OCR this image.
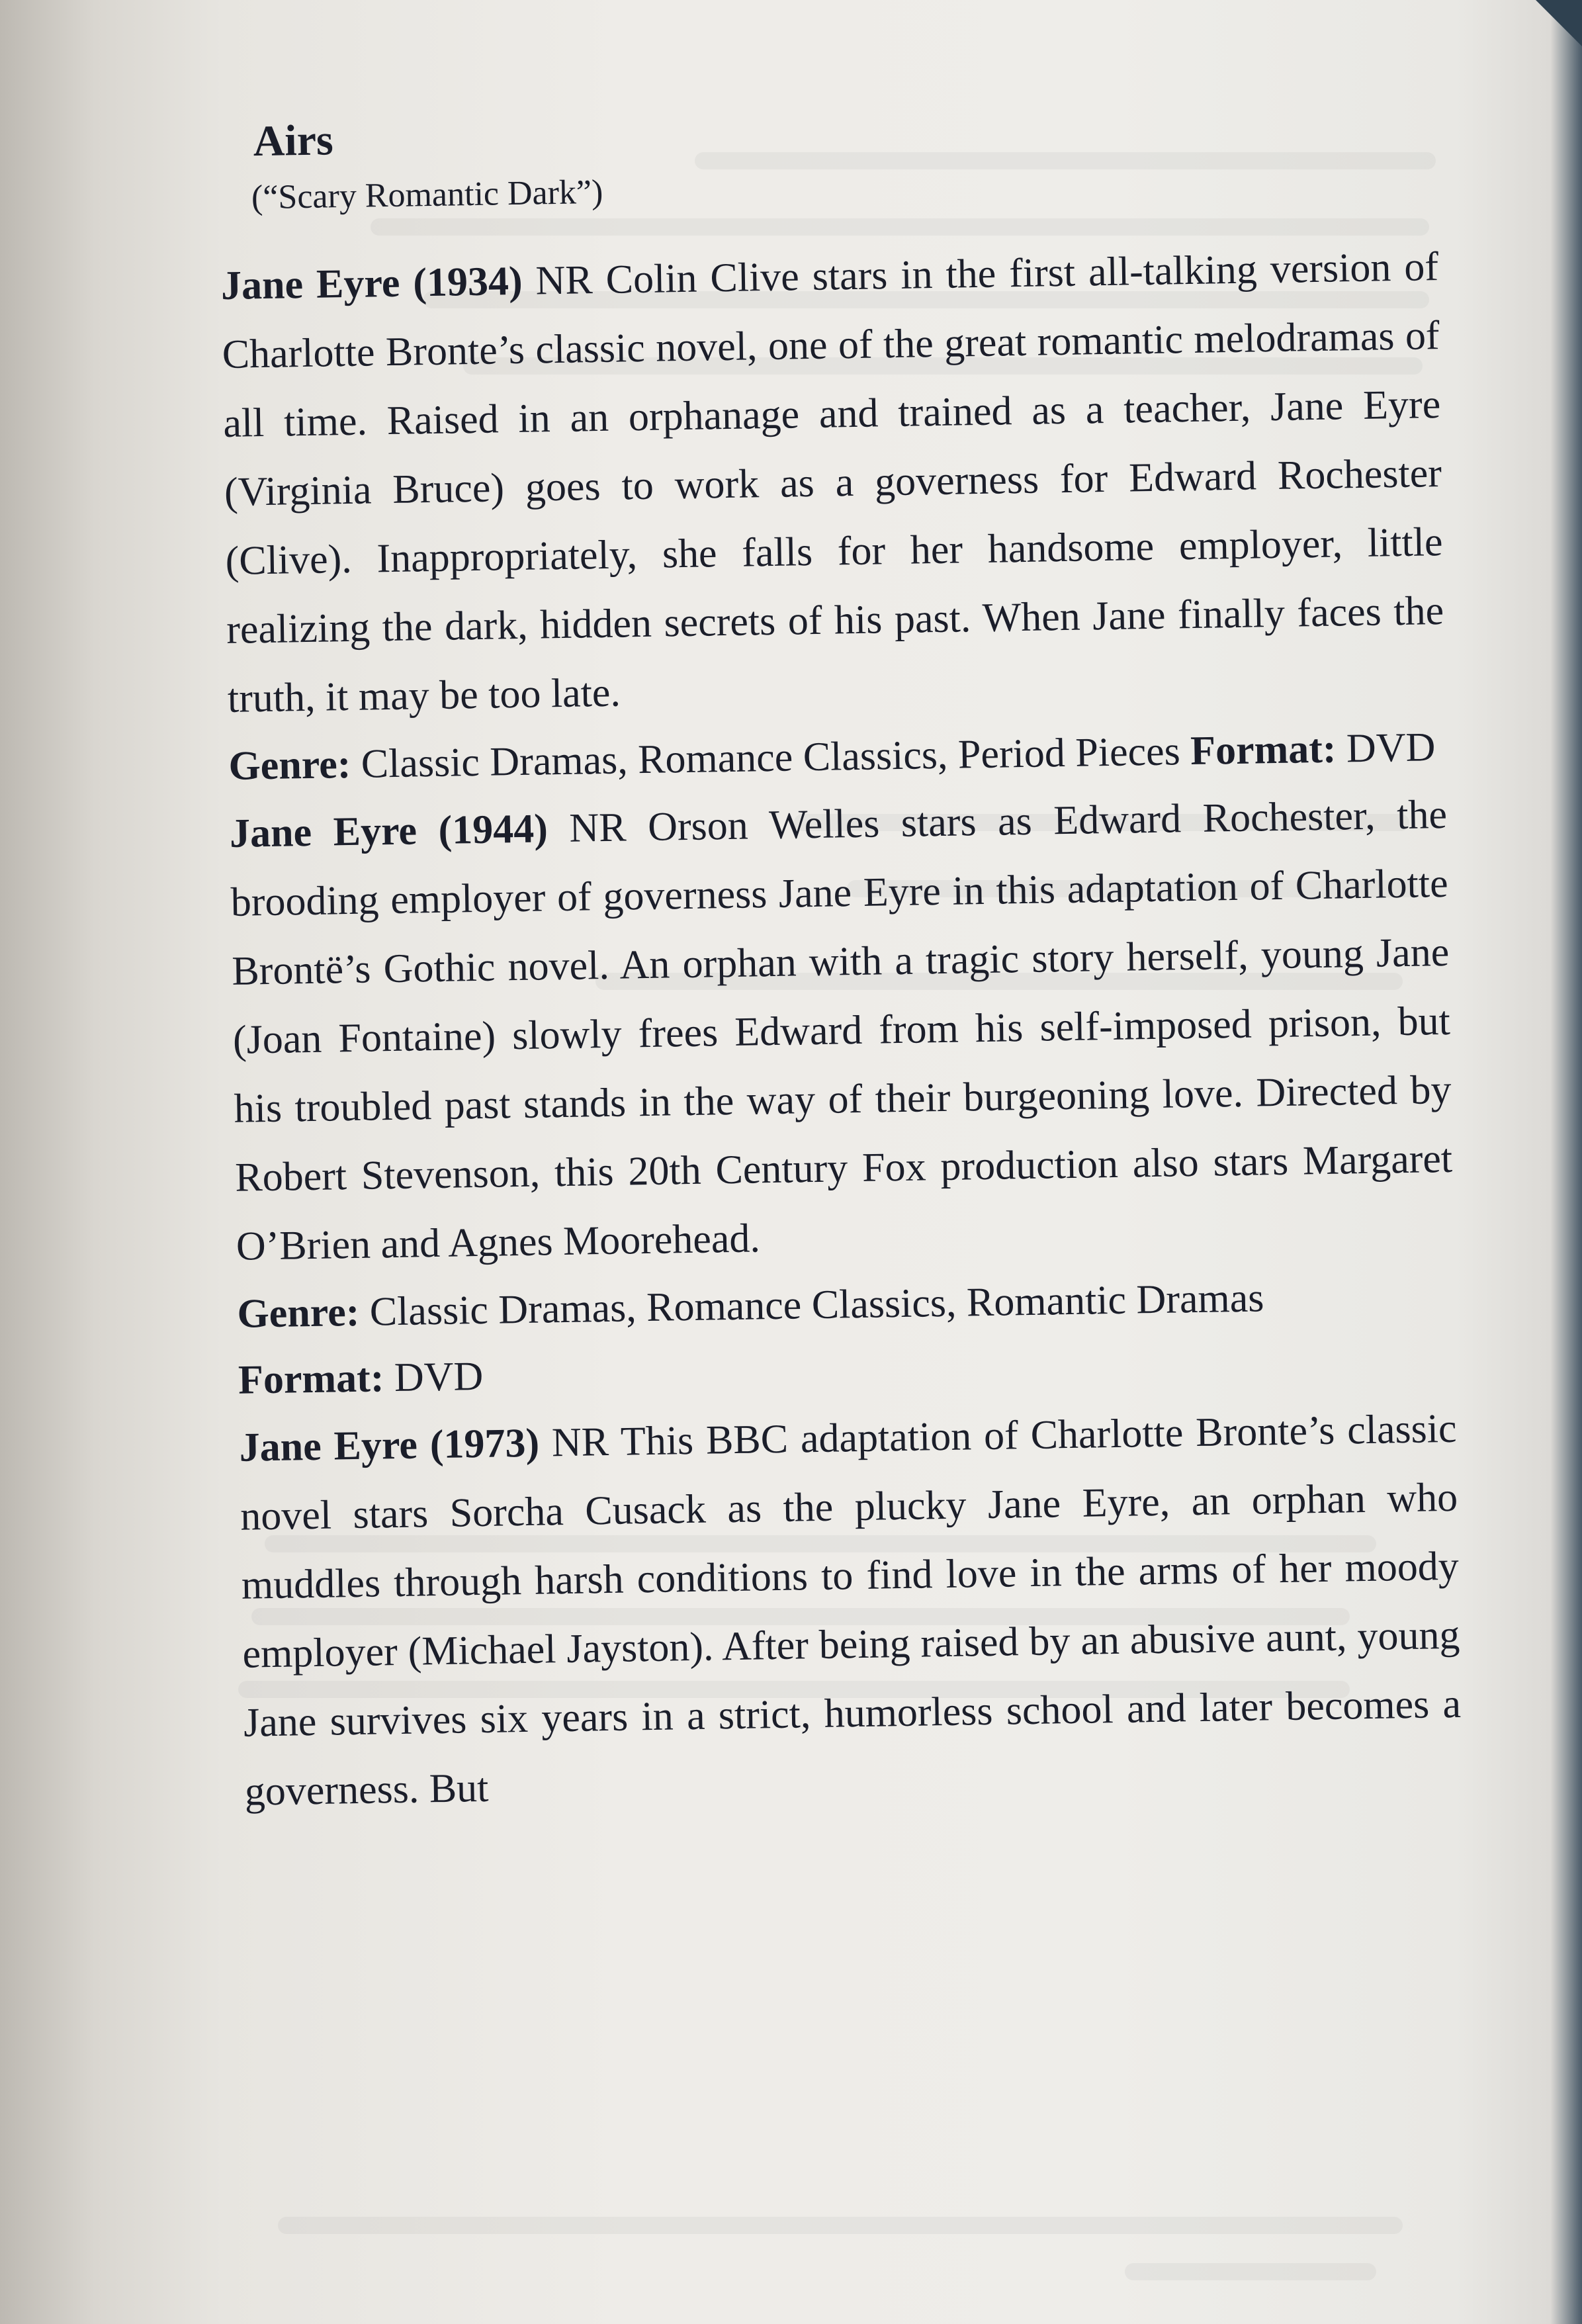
Airs
(“Scary Romantic Dark”)

Jane Eyre (1934) NR Colin Clive stars in the first all-talking version of Charlotte Bronte’s classic novel, one of the great romantic melodramas of all time. Raised in an orphanage and trained as a teacher, Jane Eyre (Virginia Bruce) goes to work as a governess for Edward Rochester (Clive). Inappropriately, she falls for her handsome employer, little realizing the dark, hidden secrets of his past. When Jane finally faces the truth, it may be too late.

Genre: Classic Dramas, Romance Classics, Period Pieces Format: DVD

Jane Eyre (1944) NR Orson Welles stars as Edward Rochester, the brooding employer of governess Jane Eyre in this adaptation of Charlotte Brontë’s Gothic novel. An orphan with a tragic story herself, young Jane (Joan Fontaine) slowly frees Edward from his self-imposed prison, but his troubled past stands in the way of their burgeoning love. Directed by Robert Stevenson, this 20th Century Fox production also stars Margaret O’Brien and Agnes Moorehead.

Genre: Classic Dramas, Romance Classics, Romantic Dramas
Format: DVD

Jane Eyre (1973) NR This BBC adaptation of Charlotte Bronte’s classic novel stars Sorcha Cusack as the plucky Jane Eyre, an orphan who muddles through harsh conditions to find love in the arms of her moody employer (Michael Jayston). After being raised by an abusive aunt, young Jane survives six years in a strict, humorless school and later becomes a governess. But
